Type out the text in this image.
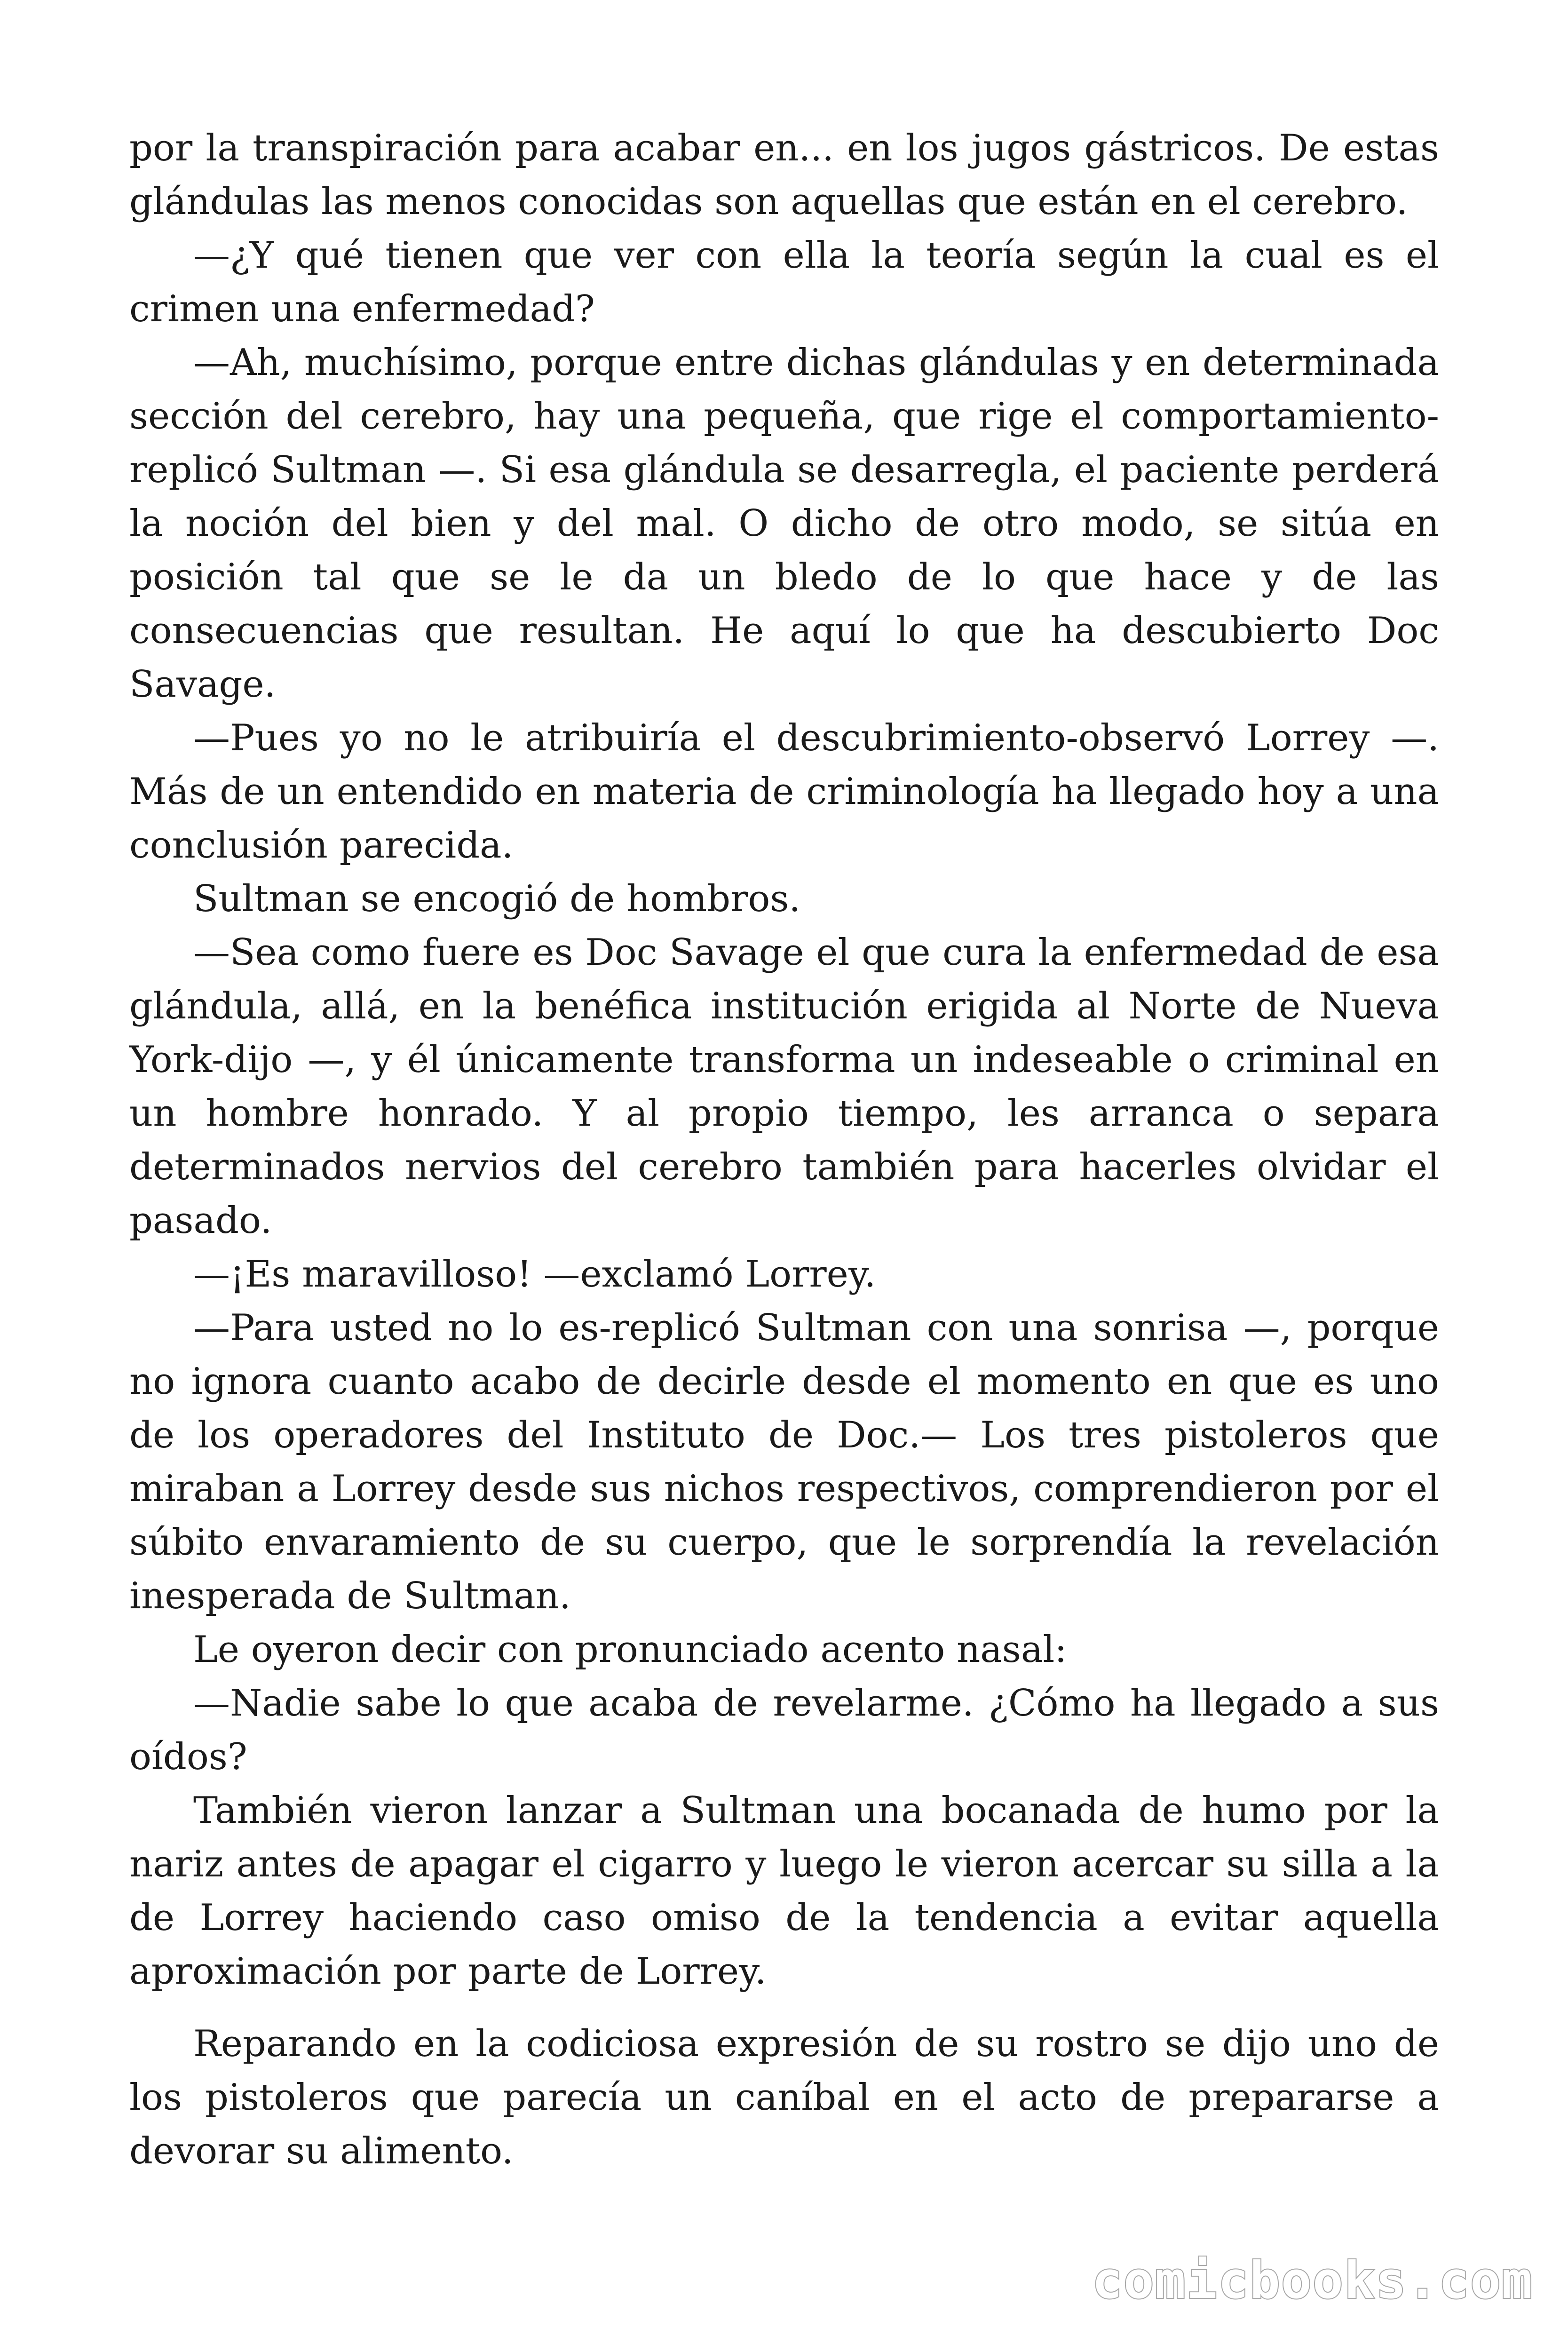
por la transpiración para acabar en... en los jugos gástricos. De estas glándulas las menos conocidas son aquellas que están en el cerebro.

—¿Y qué tienen que ver con ella la teoría según la cual es el crimen una enfermedad?

—Ah, muchísimo, porque entre dichas glándulas y en determinada sección del cerebro, hay una pequeña, que rige el comportamiento-replicó Sultman —. Si esa glándula se desarregla, el paciente perderá la noción del bien y del mal. O dicho de otro modo, se sitúa en posición tal que se le da un bledo de lo que hace y de las consecuencias que resultan. He aquí lo que ha descubierto Doc Savage.

—Pues yo no le atribuiría el descubrimiento-observó Lorrey —. Más de un entendido en materia de criminología ha llegado hoy a una conclusión parecida.

Sultman se encogió de hombros.

—Sea como fuere es Doc Savage el que cura la enfermedad de esa glándula, allá, en la benéfica institución erigida al Norte de Nueva York-dijo —, y él únicamente transforma un indeseable o criminal en un hombre honrado. Y al propio tiempo, les arranca o separa determinados nervios del cerebro también para hacerles olvidar el pasado.

—¡Es maravilloso! —exclamó Lorrey.

—Para usted no lo es-replicó Sultman con una sonrisa —, porque no ignora cuanto acabo de decirle desde el momento en que es uno de los operadores del Instituto de Doc.— Los tres pistoleros que miraban a Lorrey desde sus nichos respectivos, comprendieron por el súbito envaramiento de su cuerpo, que le sorprendía la revelación inesperada de Sultman.

Le oyeron decir con pronunciado acento nasal:

—Nadie sabe lo que acaba de revelarme. ¿Cómo ha llegado a sus oídos?

También vieron lanzar a Sultman una bocanada de humo por la nariz antes de apagar el cigarro y luego le vieron acercar su silla a la de Lorrey haciendo caso omiso de la tendencia a evitar aquella aproximación por parte de Lorrey.

Reparando en la codiciosa expresión de su rostro se dijo uno de los pistoleros que parecía un caníbal en el acto de prepararse a devorar su alimento.

comicbooks.com
